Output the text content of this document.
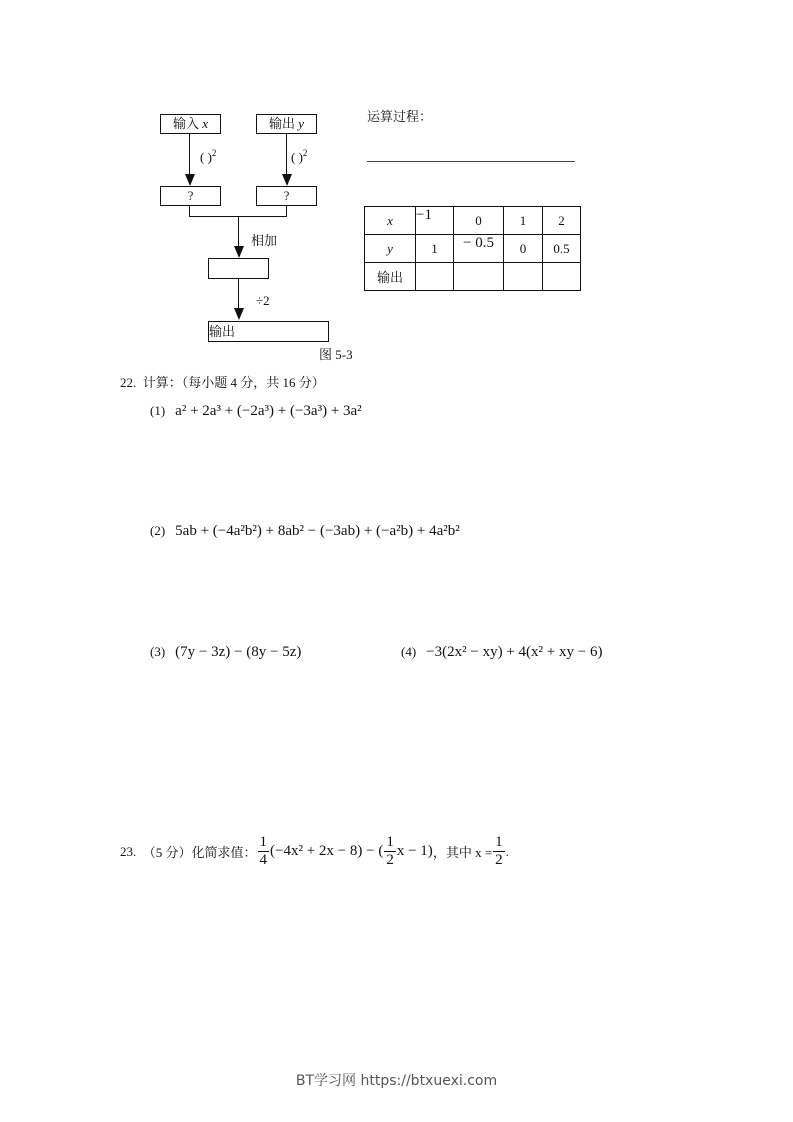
输入 x	输出 y
( )$^2$	( )$^2$
?	?
相加
÷2
输出
图 5-3
运算过程：
x	−1	0	1	2
y	1	− 0.5	0	0.5
输出				
22. 计算：（每小题 4 分，共 16 分）
(1) a² + 2a³ + (−2a³) + (−3a³) + 3a²
(2) 5ab + (−4a²b²) + 8ab² − (−3ab) + (−a²b) + 4a²b²
(3) (7y − 3z) − (8y − 5z)	(4) −3(2x² − xy) + 4(x² + xy − 6)
23.
（5 分）化简求值： $\frac{1}{4} (-4x^2 + 2x - 8)$ − ( $\frac{1}{2}$ x − 1) ，其中 $x = \frac{1}{2}$ .
BT学习网 https://btxuexi.com
